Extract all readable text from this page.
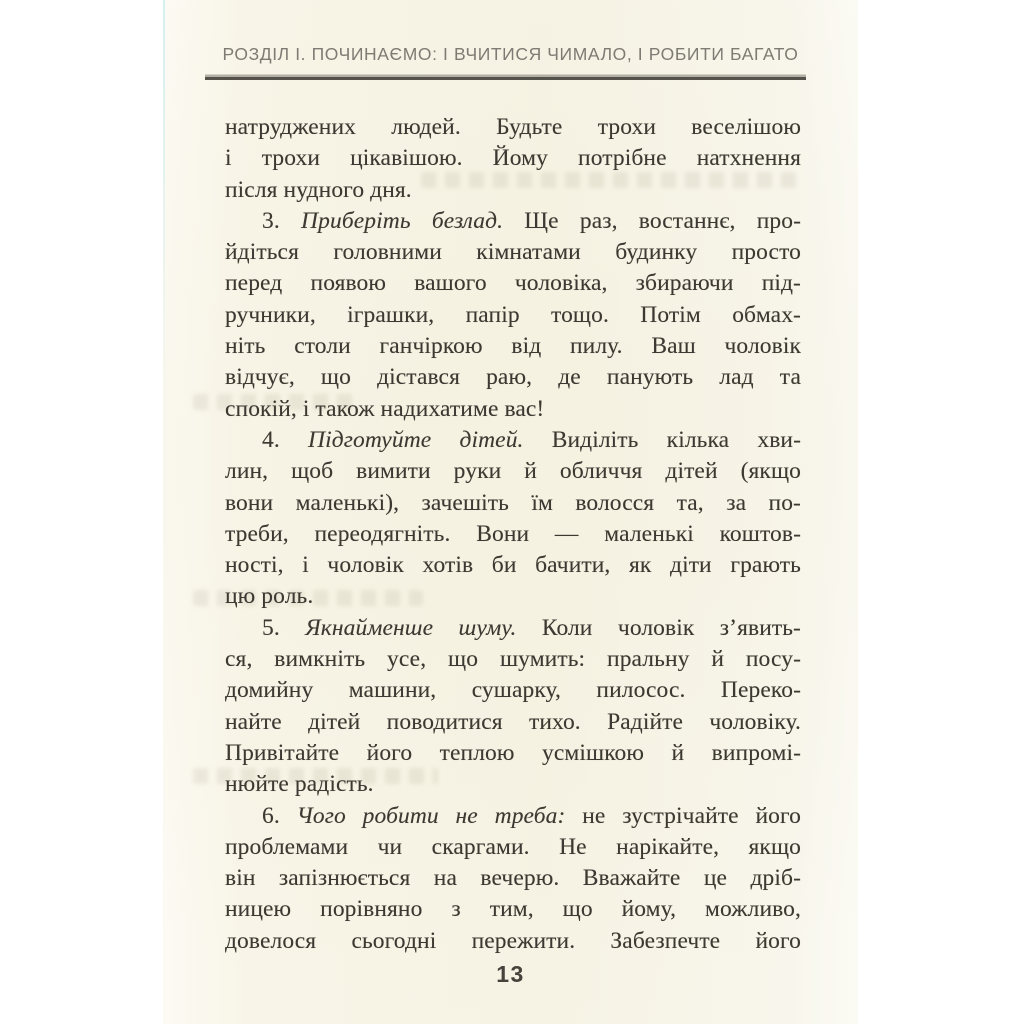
РОЗДІЛ І. ПОЧИНАЄМО: І ВЧИТИСЯ ЧИМАЛО, І РОБИТИ БАГАТО
натруджених людей. Будьте трохи веселішою
і трохи цікавішою. Йому потрібне натхнення
після нудного дня.
3. Приберіть безлад. Ще раз, востаннє, про-
йдіться головними кімнатами будинку просто
перед появою вашого чоловіка, збираючи під-
ручники, іграшки, папір тощо. Потім обмах-
ніть столи ганчіркою від пилу. Ваш чоловік
відчує, що дістався раю, де панують лад та
спокій, і також надихатиме вас!
4. Підготуйте дітей. Виділіть кілька хви-
лин, щоб вимити руки й обличчя дітей (якщо
вони маленькі), зачешіть їм волосся та, за по-
треби, переодягніть. Вони — маленькі коштов-
ності, і чоловік хотів би бачити, як діти грають
цю роль.
5. Якнайменше шуму. Коли чоловік з’явить-
ся, вимкніть усе, що шумить: пральну й посу-
домийну машини, сушарку, пилосос. Переко-
найте дітей поводитися тихо. Радійте чоловіку.
Привітайте його теплою усмішкою й випромі-
нюйте радість.
6. Чого робити не треба: не зустрічайте його
проблемами чи скаргами. Не нарікайте, якщо
він запізнюється на вечерю. Вважайте це дріб-
ницею порівняно з тим, що йому, можливо,
довелося сьогодні пережити. Забезпечте його
13
